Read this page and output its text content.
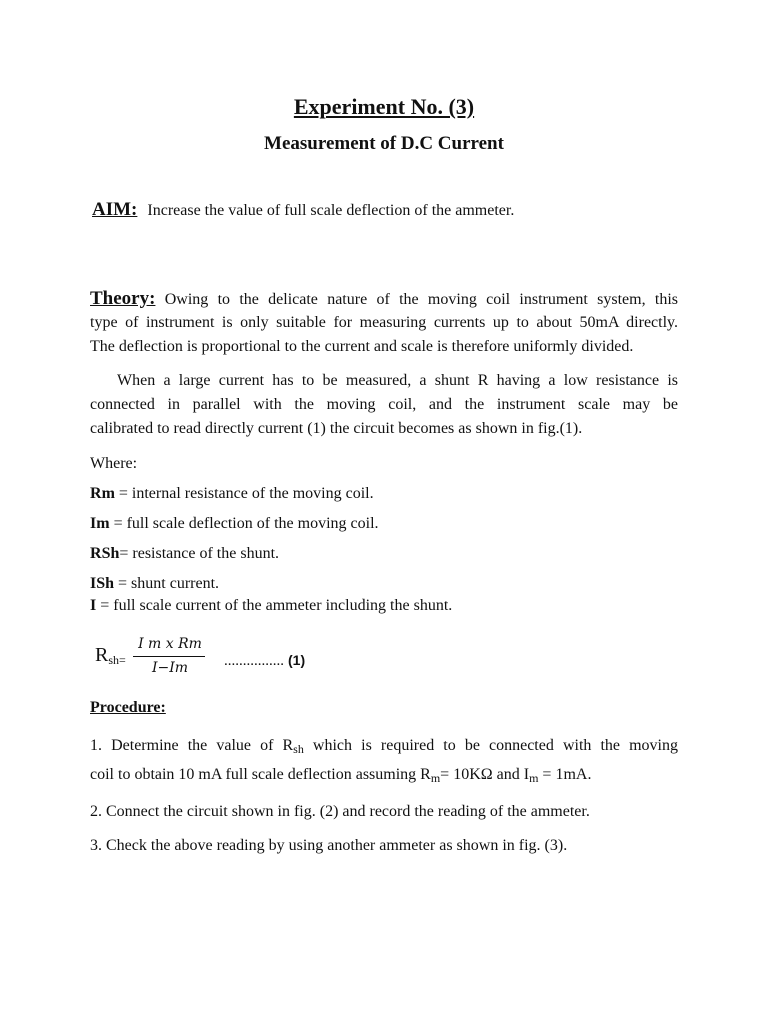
Experiment No. (3)
Measurement of D.C Current
AIM: Increase the value of full scale deflection of the ammeter.
Theory: Owing to the delicate nature of the moving coil instrument system, this
type of instrument is only suitable for measuring currents up to about 50mA directly.
The deflection is proportional to the current and scale is therefore uniformly divided.
When a large current has to be measured, a shunt R having a low resistance is
connected in parallel with the moving coil, and the instrument scale may be
calibrated to read directly current (1) the circuit becomes as shown in fig.(1).
Where:
Rm = internal resistance of the moving coil.
Im = full scale deflection of the moving coil.
RSh= resistance of the shunt.
ISh = shunt current.
I = full scale current of the ammeter including the shunt.
Rsh=
I m x Rm
I−Im	................ (1)
Procedure:
1. Determine the value of Rsh which is required to be connected with the moving
coil to obtain 10 mA full scale deflection assuming Rm= 10KΩ and Im = 1mA.
2. Connect the circuit shown in fig. (2) and record the reading of the ammeter.
3. Check the above reading by using another ammeter as shown in fig. (3).
